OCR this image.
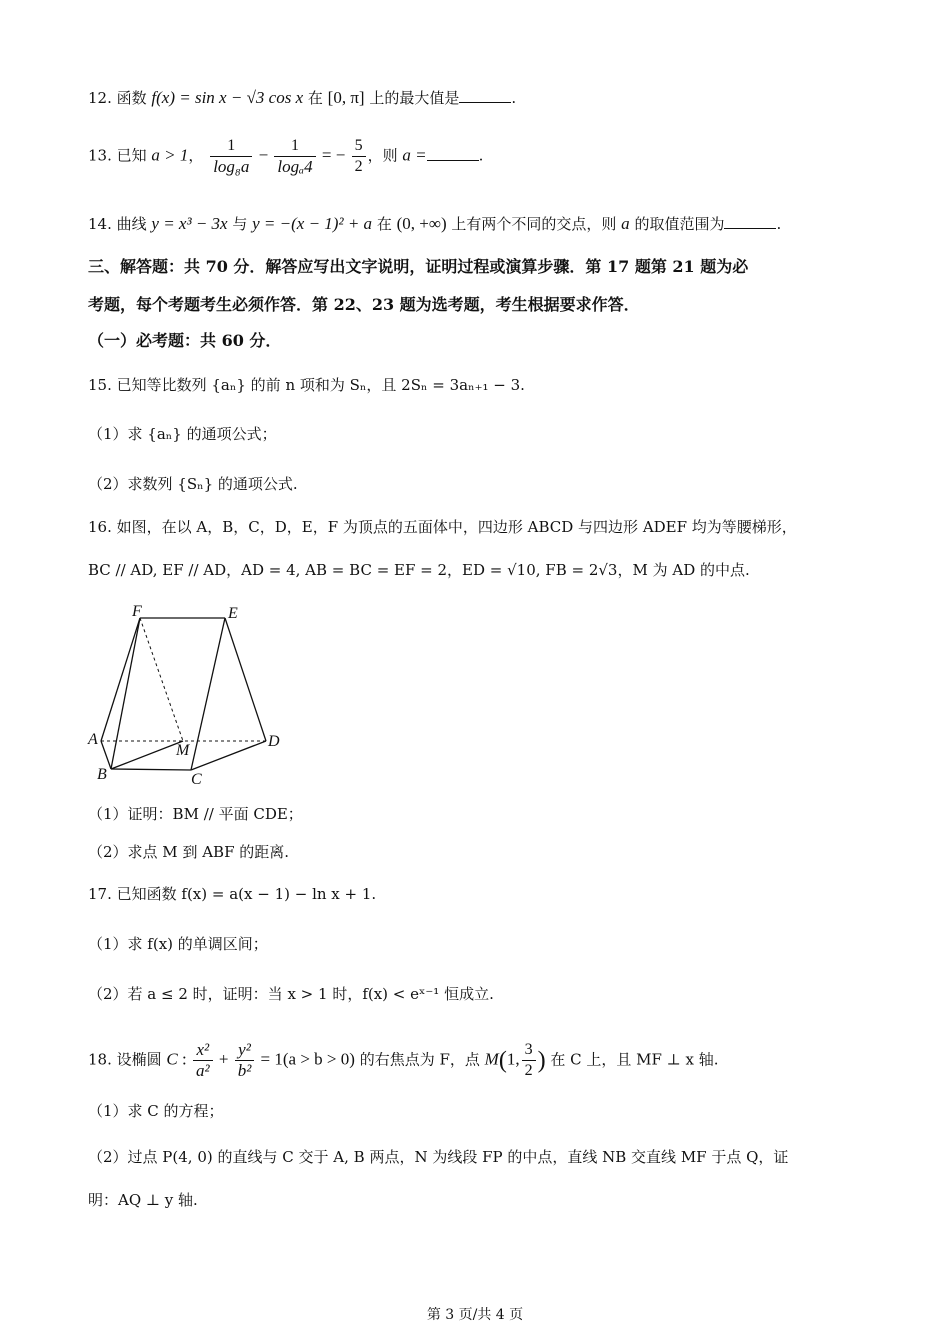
12. 函数 f(x) = sin x − √3 cos x 在 [0, π] 上的最大值是	.
13. 已知 a > 1， $\frac{1}{\text{log₈a}} - \frac{1}{\text{logₐ4}}$ = − $\frac{5}{2}$ ，则 a =	.
14. 曲线 y = x³ − 3x 与 y = −(x − 1)² + a 在 (0, +∞) 上有两个不同的交点，则 a 的取值范围为	.
三、解答题：共 70 分．解答应写出文字说明，证明过程或演算步骤．第 17 题第 21 题为必
考题，每个考题考生必须作答．第 22、23 题为选考题，考生根据要求作答．
（一）必考题：共 60 分．
15. 已知等比数列 {aₙ} 的前 n 项和为 Sₙ，且 2Sₙ = 3aₙ₊₁ − 3.
（1）求 {aₙ} 的通项公式；
（2）求数列 {Sₙ} 的通项公式.
16. 如图，在以 A，B，C，D，E，F 为顶点的五面体中，四边形 ABCD 与四边形 ADEF 均为等腰梯形，
BC // AD, EF // AD，AD = 4, AB = BC = EF = 2，ED = √10, FB = 2√3，M 为 AD 的中点.
F	E
A
M
D
B	C
（1）证明：BM // 平面 CDE；
（2）求点 M 到 ABF 的距离.
17. 已知函数 f(x) = a(x − 1) − ln x + 1.
（1）求 f(x) 的单调区间；
（2）若 a ≤ 2 时，证明：当 x > 1 时，f(x) < eˣ⁻¹ 恒成立.
18. 设椭圆 C : $\frac{\text{x²}}{\text{a²}} + \frac{\text{y²}}{\text{b²}} = 1(a > b > 0)$ 的右焦点为 F，点 M(1, $\frac{3}{2}$ ) 在 C 上，且 MF ⊥ x 轴.
（1）求 C 的方程；
（2）过点 P(4, 0) 的直线与 C 交于 A, B 两点，N 为线段 FP 的中点，直线 NB 交直线 MF 于点 Q，证
明：AQ ⊥ y 轴.
第 3 页/共 4 页
